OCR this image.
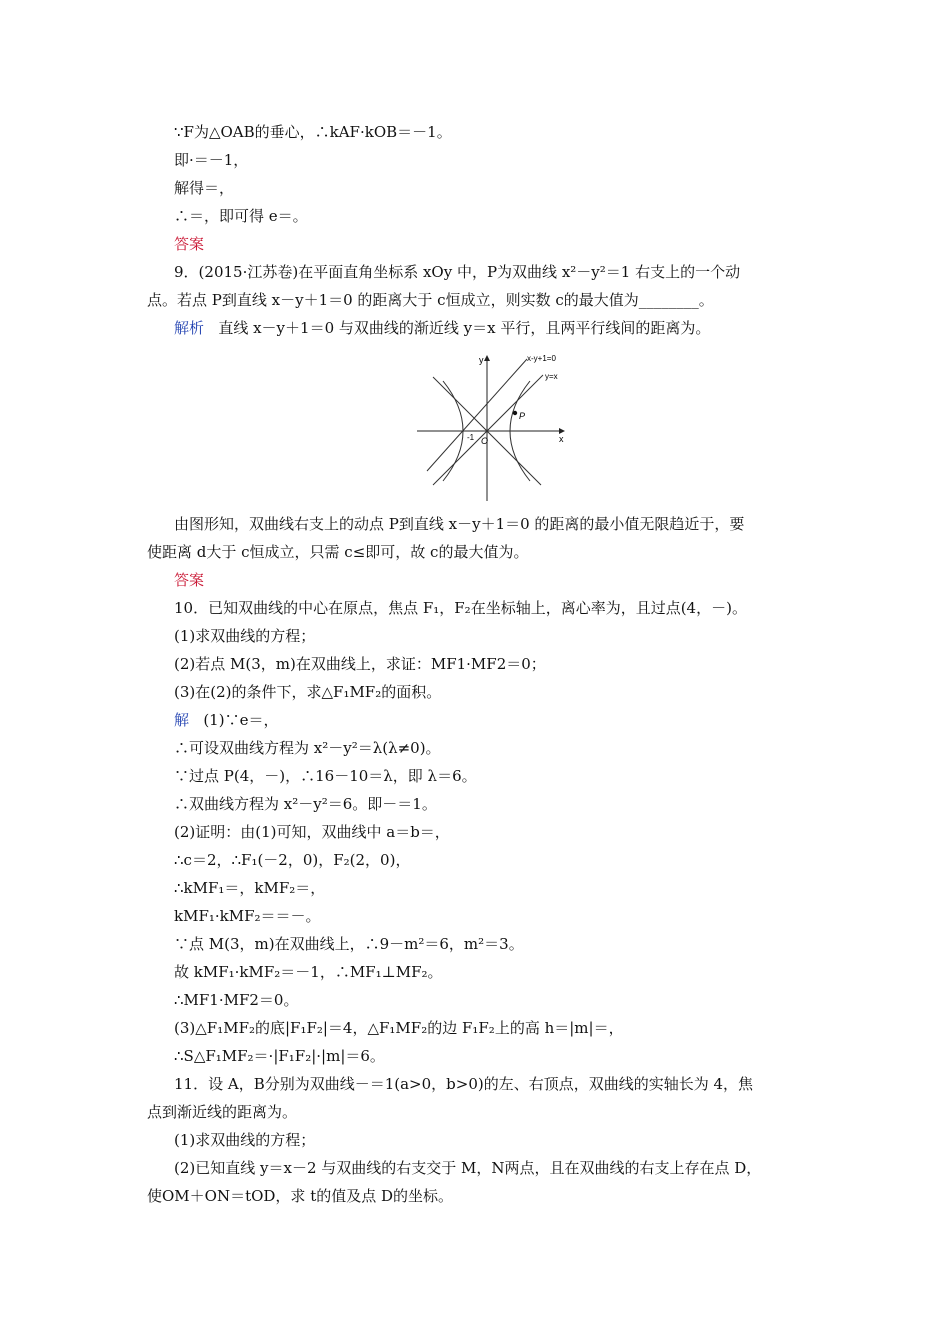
∵F为△OAB的垂心，∴kAF·kOB＝－1。
即·＝－1，
解得＝，
∴＝，即可得 e＝。
答案
9．(2015·江苏卷)在平面直角坐标系 xOy 中，P为双曲线 x²－y²＝1 右支上的一个动
点。若点 P到直线 x－y＋1＝0 的距离大于 c恒成立，则实数 c的最大值为________。
解析 直线 x－y＋1＝0 与双曲线的渐近线 y＝x 平行，且两平行线间的距离为。
y
x
x-y+1=0
y=x
P
O
-1
由图形知，双曲线右支上的动点 P到直线 x－y＋1＝0 的距离的最小值无限趋近于，要
使距离 d大于 c恒成立，只需 c≤即可，故 c的最大值为。
答案
10．已知双曲线的中心在原点，焦点 F₁，F₂在坐标轴上，离心率为，且过点(4，－)。
(1)求双曲线的方程；
(2)若点 M(3，m)在双曲线上，求证：MF1·MF2＝0；
(3)在(2)的条件下，求△F₁MF₂的面积。
解 (1)∵e＝，
∴可设双曲线方程为 x²－y²＝λ(λ≠0)。
∵过点 P(4，－)，∴16－10＝λ，即 λ＝6。
∴双曲线方程为 x²－y²＝6。即－＝1。
(2)证明：由(1)可知，双曲线中 a＝b＝，
∴c＝2，∴F₁(－2，0)，F₂(2，0)，
∴kMF₁＝，kMF₂＝，
kMF₁·kMF₂＝＝－。
∵点 M(3，m)在双曲线上，∴9－m²＝6，m²＝3。
故 kMF₁·kMF₂＝－1，∴MF₁⊥MF₂。
∴MF1·MF2＝0。
(3)△F₁MF₂的底|F₁F₂|＝4，△F₁MF₂的边 F₁F₂上的高 h＝|m|＝，
∴S△F₁MF₂＝·|F₁F₂|·|m|＝6。
11．设 A，B分别为双曲线－＝1(a>0，b>0)的左、右顶点，双曲线的实轴长为 4，焦
点到渐近线的距离为。
(1)求双曲线的方程；
(2)已知直线 y＝x－2 与双曲线的右支交于 M，N两点，且在双曲线的右支上存在点 D，
使OM＋ON＝tOD，求 t的值及点 D的坐标。
